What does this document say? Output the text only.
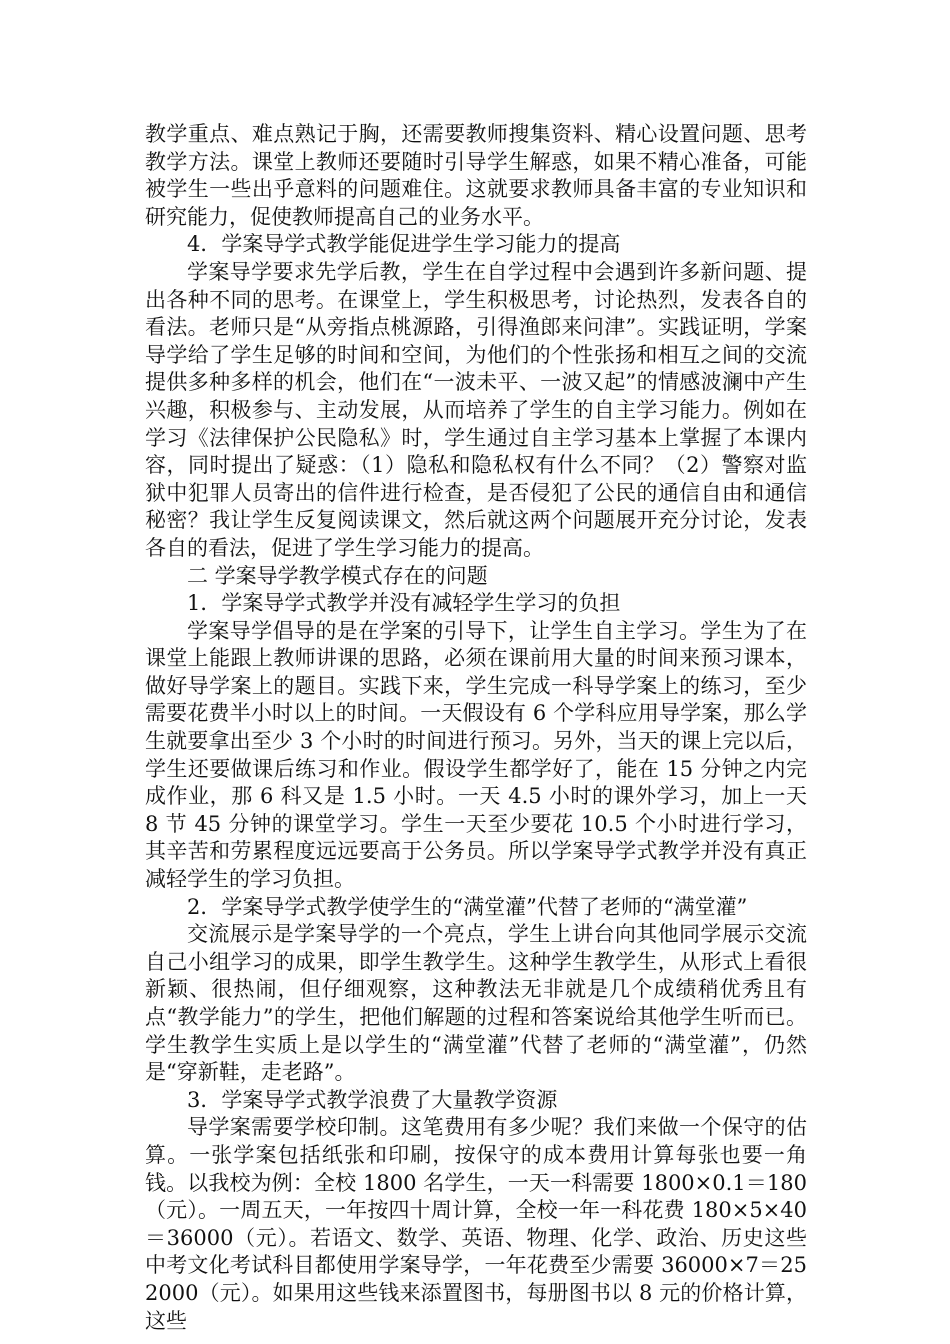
教学重点、难点熟记于胸，还需要教师搜集资料、精心设置问题、思考教学方法。课堂上教师还要随时引导学生解惑，如果不精心准备，可能被学生一些出乎意料的问题难住。这就要求教师具备丰富的专业知识和研究能力，促使教师提高自己的业务水平。

4．学案导学式教学能促进学生学习能力的提高

学案导学要求先学后教，学生在自学过程中会遇到许多新问题、提出各种不同的思考。在课堂上，学生积极思考，讨论热烈，发表各自的看法。老师只是“从旁指点桃源路，引得渔郎来问津”。实践证明，学案导学给了学生足够的时间和空间，为他们的个性张扬和相互之间的交流提供多种多样的机会，他们在“一波未平、一波又起”的情感波澜中产生兴趣，积极参与、主动发展，从而培养了学生的自主学习能力。例如在学习《法律保护公民隐私》时，学生通过自主学习基本上掌握了本课内容，同时提出了疑惑：（1）隐私和隐私权有什么不同？（2）警察对监狱中犯罪人员寄出的信件进行检查，是否侵犯了公民的通信自由和通信秘密？我让学生反复阅读课文，然后就这两个问题展开充分讨论，发表各自的看法，促进了学生学习能力的提高。

二 学案导学教学模式存在的问题

1．学案导学式教学并没有减轻学生学习的负担

学案导学倡导的是在学案的引导下，让学生自主学习。学生为了在课堂上能跟上教师讲课的思路，必须在课前用大量的时间来预习课本，做好导学案上的题目。实践下来，学生完成一科导学案上的练习，至少需要花费半小时以上的时间。一天假设有 6 个学科应用导学案，那么学生就要拿出至少 3 个小时的时间进行预习。另外，当天的课上完以后，学生还要做课后练习和作业。假设学生都学好了，能在 15 分钟之内完成作业，那 6 科又是 1.5 小时。一天 4.5 小时的课外学习，加上一天 8 节 45 分钟的课堂学习。学生一天至少要花 10.5 个小时进行学习，其辛苦和劳累程度远远要高于公务员。所以学案导学式教学并没有真正减轻学生的学习负担。

2．学案导学式教学使学生的“满堂灌”代替了老师的“满堂灌”

交流展示是学案导学的一个亮点，学生上讲台向其他同学展示交流自己小组学习的成果，即学生教学生。这种学生教学生，从形式上看很新颖、很热闹，但仔细观察，这种教法无非就是几个成绩稍优秀且有点“教学能力”的学生，把他们解题的过程和答案说给其他学生听而已。学生教学生实质上是以学生的“满堂灌”代替了老师的“满堂灌”，仍然是“穿新鞋，走老路”。

3．学案导学式教学浪费了大量教学资源

导学案需要学校印制。这笔费用有多少呢？我们来做一个保守的估算。一张学案包括纸张和印刷，按保守的成本费用计算每张也要一角钱。以我校为例：全校 1800 名学生，一天一科需要 1800×0.1＝180（元）。一周五天，一年按四十周计算，全校一年一科花费 180×5×40＝36000（元）。若语文、数学、英语、物理、化学、政治、历史这些中考文化考试科目都使用学案导学，一年花费至少需要 36000×7＝252000（元）。如果用这些钱来添置图书，每册图书以 8 元的价格计算，这些
